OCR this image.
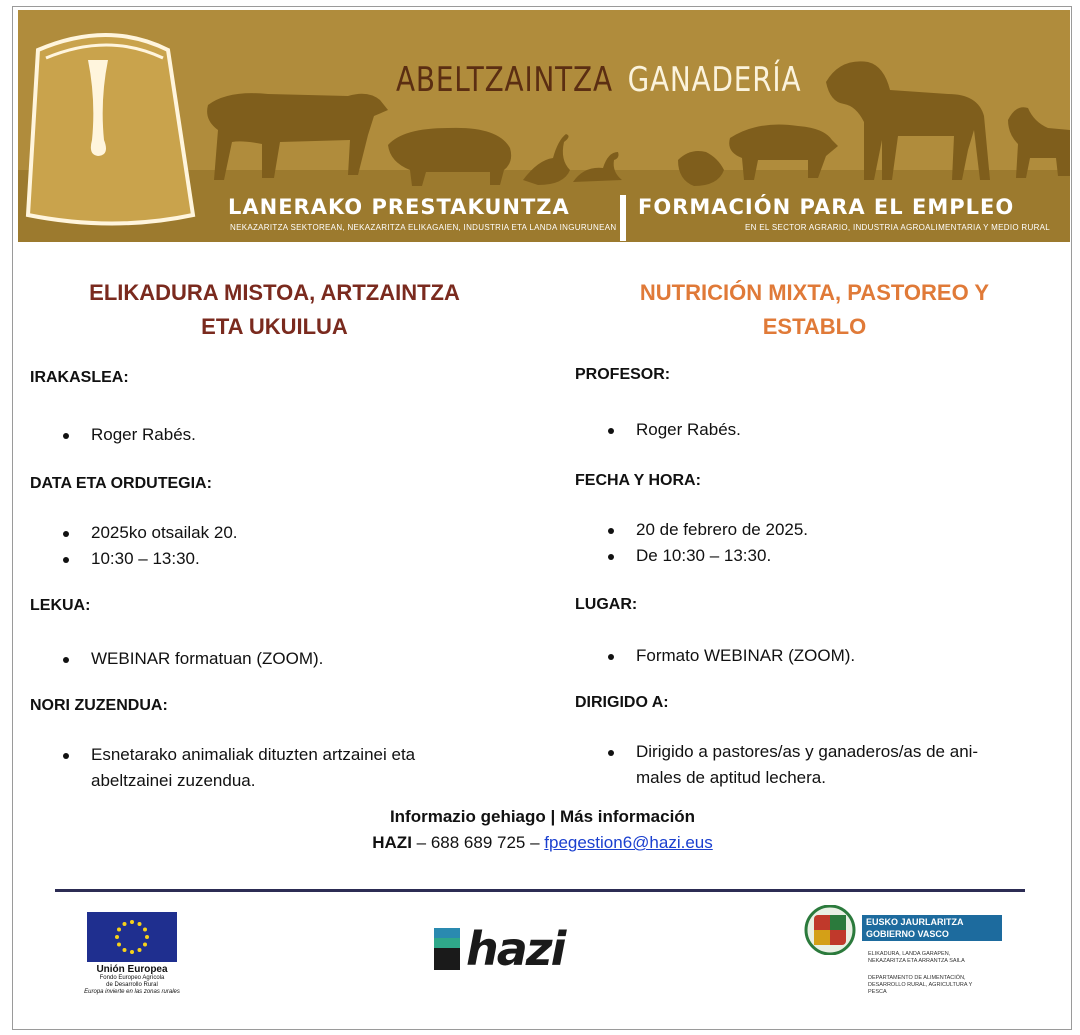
ABELTZAINTZA GANADERÍA
LANERAKO PRESTAKUNTZA	FORMACIÓN PARA EL EMPLEO
NEKAZARITZA SEKTOREAN, NEKAZARITZA ELIKAGAIEN, INDUSTRIA ETA LANDA INGURUNEAN	EN EL SECTOR AGRARIO, INDUSTRIA AGROALIMENTARIA Y MEDIO RURAL
ELIKADURA MISTOA, ARTZAINTZA
ETA UKUILUA
NUTRICIÓN MIXTA, PASTOREO Y
ESTABLO
IRAKASLEA:
Roger Rabés.
DATA ETA ORDUTEGIA:
2025ko otsailak 20.
10:30 – 13:30.
LEKUA:
WEBINAR formatuan (ZOOM).
NORI ZUZENDUA:
Esnetarako animaliak dituzten artzainei eta
abeltzainei zuzendua.
PROFESOR:
Roger Rabés.
FECHA Y HORA:
20 de febrero de 2025.
De 10:30 – 13:30.
LUGAR:
Formato WEBINAR (ZOOM).
DIRIGIDO A:
Dirigido a pastores/as y ganaderos/as de ani-
males de aptitud lechera.
Informazio gehiago | Más información
HAZI – 688 689 725 – fpegestion6@hazi.eus
Unión Europea
Fondo Europeo Agrícola
de Desarrollo Rural
Europa invierte en las zonas rurales
hazi	EUSKO JAURLARITZA
GOBIERNO VASCO
ELIKADURA, LANDA GARAPEN, NEKAZARITZA ETA ARRANTZA SAILA
DEPARTAMENTO DE ALIMENTACIÓN, DESARROLLO RURAL, AGRICULTURA Y PESCA
